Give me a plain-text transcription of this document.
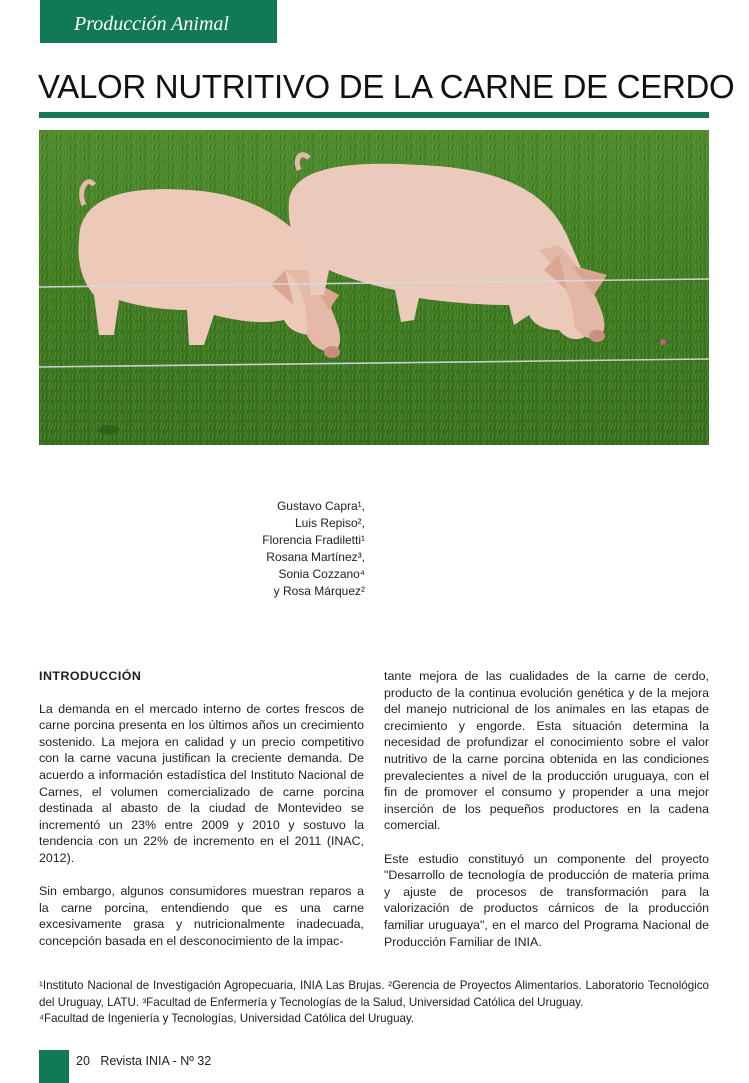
Producción Animal
VALOR NUTRITIVO DE LA CARNE DE CERDO
Gustavo Capra¹,
Luis Repiso²,
Florencia Fradiletti¹
Rosana Martínez³,
Sonia Cozzano⁴
y Rosa Márquez²
INTRODUCCIÓN

La demanda en el mercado interno de cortes frescos de carne porcina presenta en los últimos años un crecimiento sostenido. La mejora en calidad y un precio competitivo con la carne vacuna justifican la creciente demanda. De acuerdo a información estadística del Instituto Nacional de Carnes, el volumen comercializado de carne porcina destinada al abasto de la ciudad de Montevideo se incrementó un 23% entre 2009 y 2010 y sostuvo la tendencia con un 22% de incremento en el 2011 (INAC, 2012).

Sin embargo, algunos consumidores muestran reparos a la carne porcina, entendiendo que es una carne excesivamente grasa y nutricionalmente inadecuada, concepción basada en el desconocimiento de la impac-

tante mejora de las cualidades de la carne de cerdo, producto de la continua evolución genética y de la mejora del manejo nutricional de los animales en las etapas de crecimiento y engorde. Esta situación determina la necesidad de profundizar el conocimiento sobre el valor nutritivo de la carne porcina obtenida en las condiciones prevalecientes a nivel de la producción uruguaya, con el fin de promover el consumo y propender a una mejor inserción de los pequeños productores en la cadena comercial.

Este estudio constituyó un componente del proyecto "Desarrollo de tecnología de producción de materia prima y ajuste de procesos de transformación para la valorización de productos cárnicos de la producción familiar uruguaya", en el marco del Programa Nacional de Producción Familiar de INIA.

¹Instituto Nacional de Investigación Agropecuaria, INIA Las Brujas. ²Gerencia de Proyectos Alimentarios. Laboratorio Tecnológico del Uruguay, LATU. ³Facultad de Enfermería y Tecnologías de la Salud, Universidad Católica del Uruguay.
⁴Facultad de Ingeniería y Tecnologías, Universidad Católica del Uruguay.
20 Revista INIA - Nº 32
